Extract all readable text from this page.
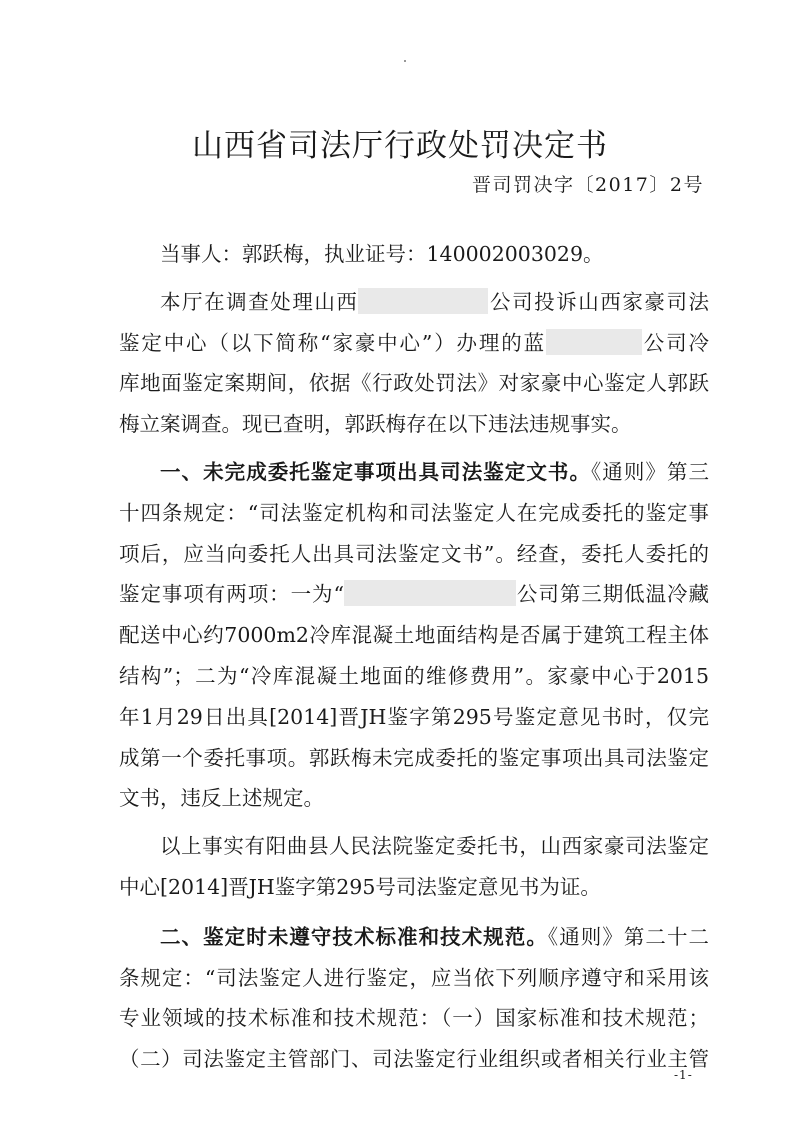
山西省司法厅行政处罚决定书
晋司罚决字〔2017〕2号
当事人：郭跃梅，执业证号：140002003029。
本厅在调查处理山西	公司投诉山西家豪司法
鉴定中心（以下简称“家豪中心”）办理的蓝	公司冷
库地面鉴定案期间，依据《行政处罚法》对家豪中心鉴定人郭跃
梅立案调查。现已查明，郭跃梅存在以下违法违规事实。
一、未完成委托鉴定事项出具司法鉴定文书。《通则》第三
十四条规定：“司法鉴定机构和司法鉴定人在完成委托的鉴定事
项后，应当向委托人出具司法鉴定文书”。经查，委托人委托的
鉴定事项有两项：一为“	公司第三期低温冷藏
配送中心约7000m2冷库混凝土地面结构是否属于建筑工程主体
结构”；二为“冷库混凝土地面的维修费用”。家豪中心于2015
年1月29日出具[2014]晋JH鉴字第295号鉴定意见书时，仅完
成第一个委托事项。郭跃梅未完成委托的鉴定事项出具司法鉴定
文书，违反上述规定。
以上事实有阳曲县人民法院鉴定委托书，山西家豪司法鉴定
中心[2014]晋JH鉴字第295号司法鉴定意见书为证。
二、鉴定时未遵守技术标准和技术规范。《通则》第二十二
条规定：“司法鉴定人进行鉴定，应当依下列顺序遵守和采用该
专业领域的技术标准和技术规范：（一）国家标准和技术规范；
（二）司法鉴定主管部门、司法鉴定行业组织或者相关行业主管
-1-
